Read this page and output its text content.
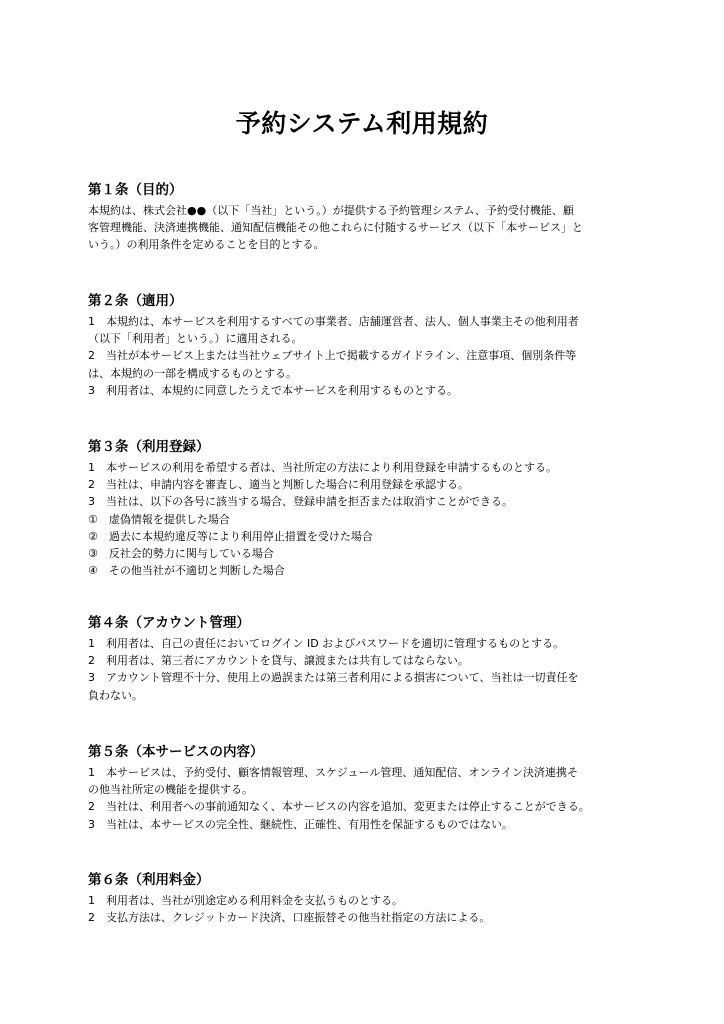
予約システム利用規約
第１条（目的）

本規約は、株式会社●●（以下「当社」という。）が提供する予約管理システム、予約受付機能、顧

客管理機能、決済連携機能、通知配信機能その他これらに付随するサービス（以下「本サービス」と

いう。）の利用条件を定めることを目的とする。

第２条（適用）

1　本規約は、本サービスを利用するすべての事業者、店舗運営者、法人、個人事業主その他利用者

（以下「利用者」という。）に適用される。

2　当社が本サービス上または当社ウェブサイト上で掲載するガイドライン、注意事項、個別条件等

は、本規約の一部を構成するものとする。

3　利用者は、本規約に同意したうえで本サービスを利用するものとする。

第３条（利用登録）

1　本サービスの利用を希望する者は、当社所定の方法により利用登録を申請するものとする。

2　当社は、申請内容を審査し、適当と判断した場合に利用登録を承認する。

3　当社は、以下の各号に該当する場合、登録申請を拒否または取消すことができる。

①　虚偽情報を提供した場合

②　過去に本規約違反等により利用停止措置を受けた場合

③　反社会的勢力に関与している場合

④　その他当社が不適切と判断した場合

第４条（アカウント管理）

1　利用者は、自己の責任においてログイン ID およびパスワードを適切に管理するものとする。

2　利用者は、第三者にアカウントを貸与、譲渡または共有してはならない。

3　アカウント管理不十分、使用上の過誤または第三者利用による損害について、当社は一切責任を

負わない。

第５条（本サービスの内容）

1　本サービスは、予約受付、顧客情報管理、スケジュール管理、通知配信、オンライン決済連携そ

の他当社所定の機能を提供する。

2　当社は、利用者への事前通知なく、本サービスの内容を追加、変更または停止することができる。

3　当社は、本サービスの完全性、継続性、正確性、有用性を保証するものではない。

第６条（利用料金）

1　利用者は、当社が別途定める利用料金を支払うものとする。

2　支払方法は、クレジットカード決済、口座振替その他当社指定の方法による。
